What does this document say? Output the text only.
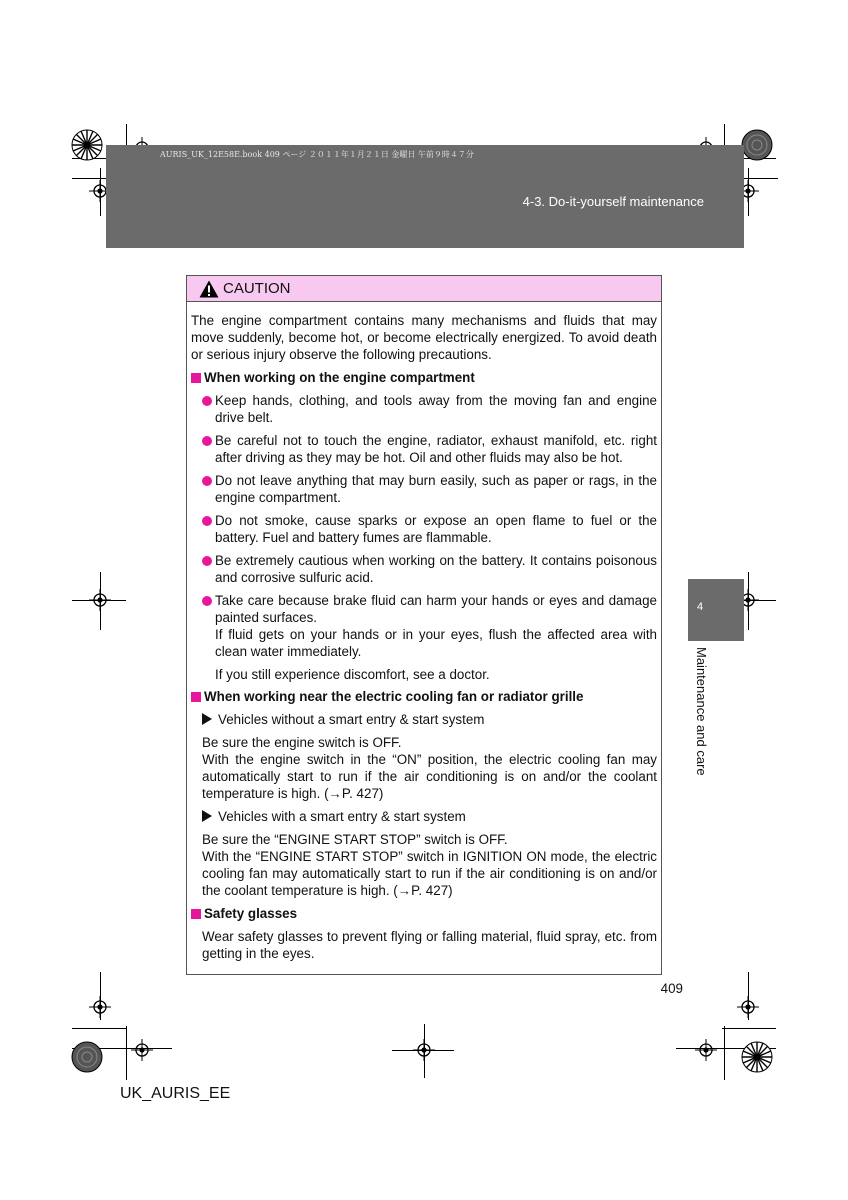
AURIS_UK_12E58E.book 409 ページ ２０１１年１月２１日 金曜日 午前９時４７分
4-3. Do-it-yourself maintenance
4
Maintenance and care
CAUTION
The engine compartment contains many mechanisms and fluids that may move suddenly, become hot, or become electrically energized. To avoid death or serious injury observe the following precautions.
When working on the engine compartment
Keep hands, clothing, and tools away from the moving fan and engine drive belt.
Be careful not to touch the engine, radiator, exhaust manifold, etc. right after driving as they may be hot. Oil and other fluids may also be hot.
Do not leave anything that may burn easily, such as paper or rags, in the engine compartment.
Do not smoke, cause sparks or expose an open flame to fuel or the battery. Fuel and battery fumes are flammable.
Be extremely cautious when working on the battery. It contains poisonous and corrosive sulfuric acid.
Take care because brake fluid can harm your hands or eyes and damage painted surfaces.
If fluid gets on your hands or in your eyes, flush the affected area with clean water immediately.
If you still experience discomfort, see a doctor.
When working near the electric cooling fan or radiator grille
Vehicles without a smart entry & start system
Be sure the engine switch is OFF.
With the engine switch in the “ON” position, the electric cooling fan may automatically start to run if the air conditioning is on and/or the coolant temperature is high. (→P. 427)
Vehicles with a smart entry & start system
Be sure the “ENGINE START STOP” switch is OFF.
With the “ENGINE START STOP” switch in IGNITION ON mode, the electric cooling fan may automatically start to run if the air conditioning is on and/or the coolant temperature is high. (→P. 427)
Safety glasses
Wear safety glasses to prevent flying or falling material, fluid spray, etc. from getting in the eyes.
409
UK_AURIS_EE
